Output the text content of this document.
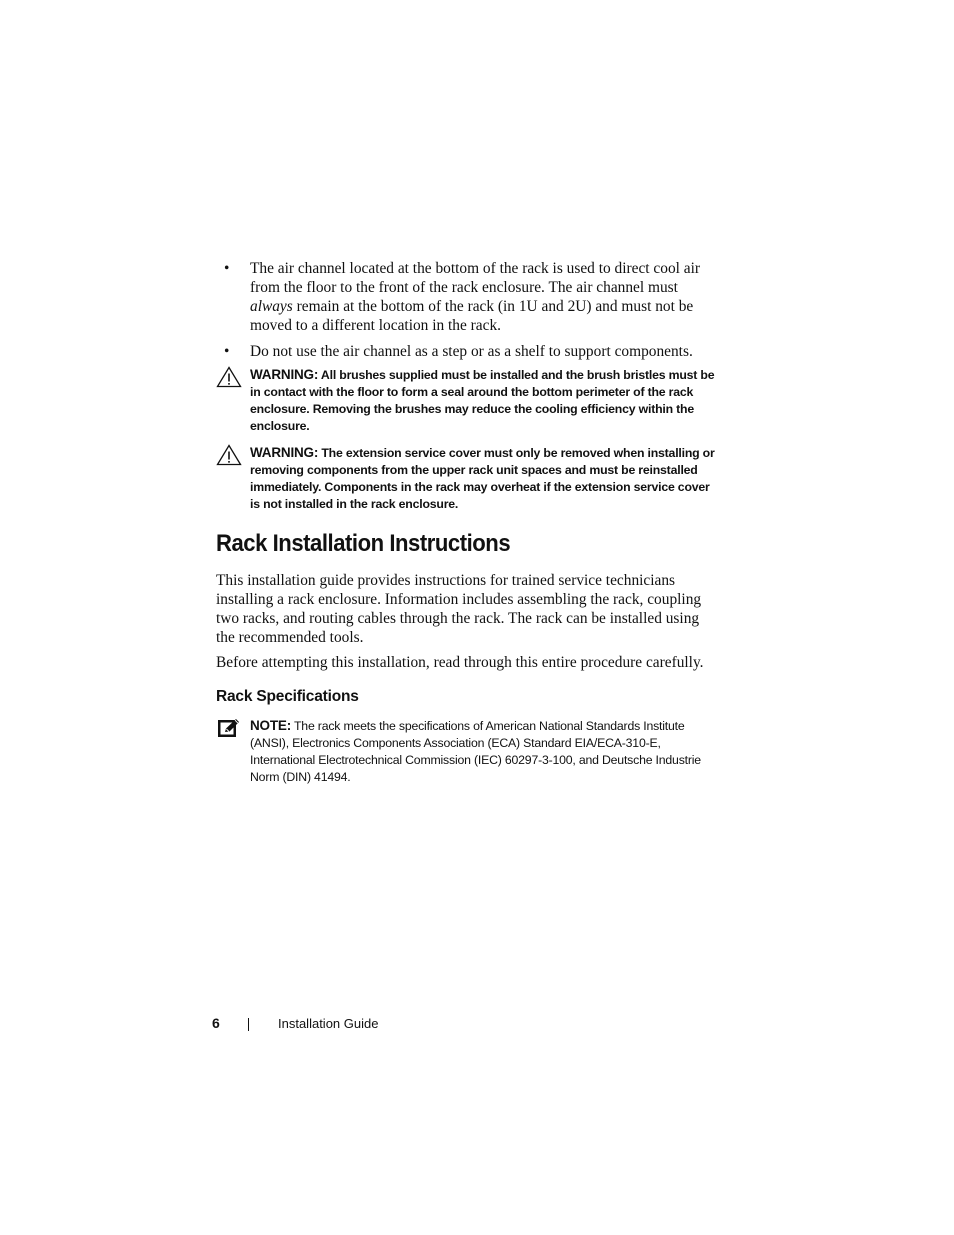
• The air channel located at the bottom of the rack is used to direct cool air from the floor to the front of the rack enclosure. The air channel must always remain at the bottom of the rack (in 1U and 2U) and must not be moved to a different location in the rack.
• Do not use the air channel as a step or as a shelf to support components.
WARNING: All brushes supplied must be installed and the brush bristles must be in contact with the floor to form a seal around the bottom perimeter of the rack enclosure. Removing the brushes may reduce the cooling efficiency within the enclosure.
WARNING: The extension service cover must only be removed when installing or removing components from the upper rack unit spaces and must be reinstalled immediately. Components in the rack may overheat if the extension service cover is not installed in the rack enclosure.
Rack Installation Instructions

This installation guide provides instructions for trained service technicians installing a rack enclosure. Information includes assembling the rack, coupling two racks, and routing cables through the rack. The rack can be installed using the recommended tools.

Before attempting this installation, read through this entire procedure carefully.

Rack Specifications
NOTE: The rack meets the specifications of American National Standards Institute (ANSI), Electronics Components Association (ECA) Standard EIA/ECA-310-E, International Electrotechnical Commission (IEC) 60297-3-100, and Deutsche Industrie Norm (DIN) 41494.
6	Installation Guide
